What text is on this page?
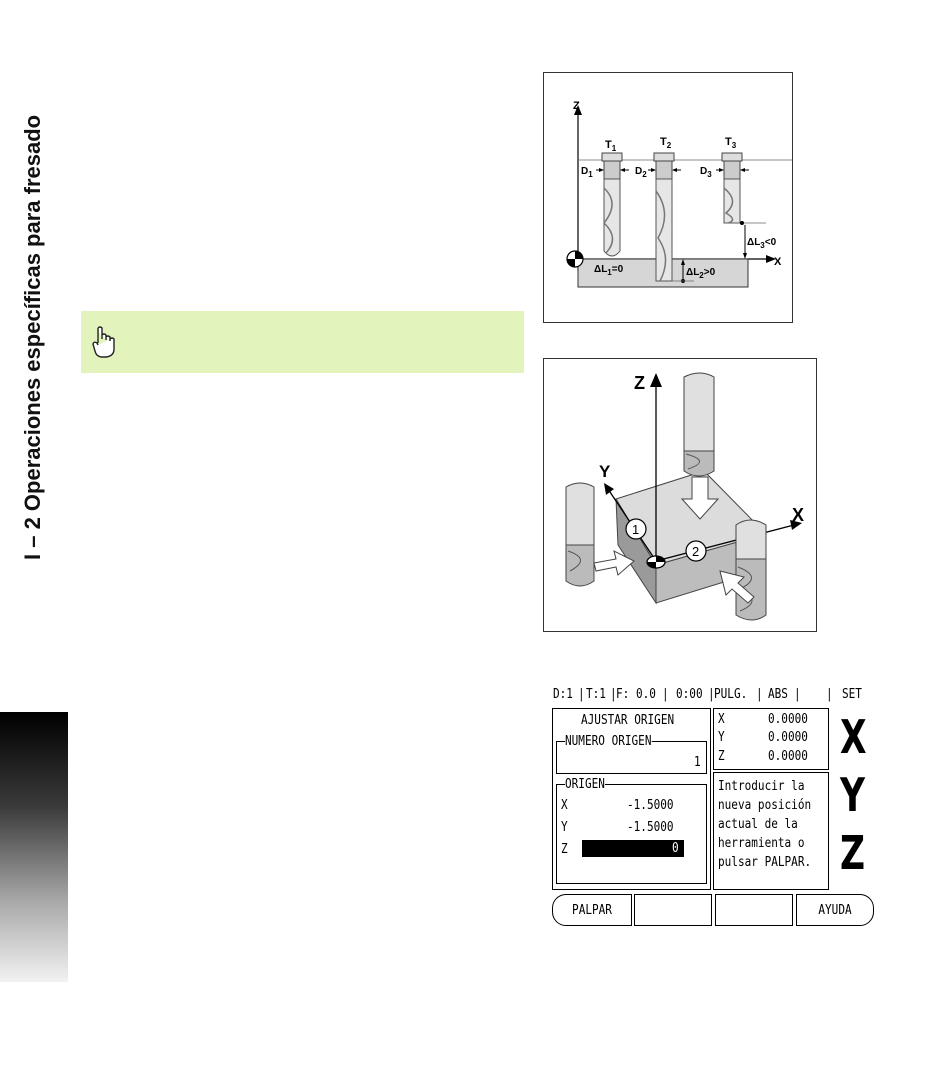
I – 2 Operaciones específicas para fresado
Z
X
$T_1$
$D_1$
$T_2$
$D_2$
$T_3$
$D_3$
$\Delta L_3<0$
$\Delta L_1=0$	$\Delta L_2>0$
Z
Y
X
1
2
D:1 | T:1 | F: 0.0 | 0:00 | PULG. | ABS | | SET
AJUSTAR ORIGEN
NUMERO ORIGEN
1
ORIGEN
X	-1.5000
Y	-1.5000
Z	0
X	0.0000
Y	0.0000
Z	0.0000
Introducir la
nueva posición
actual de la
herramienta o
pulsar PALPAR.
X
Y
Z
PALPAR	AYUDA
